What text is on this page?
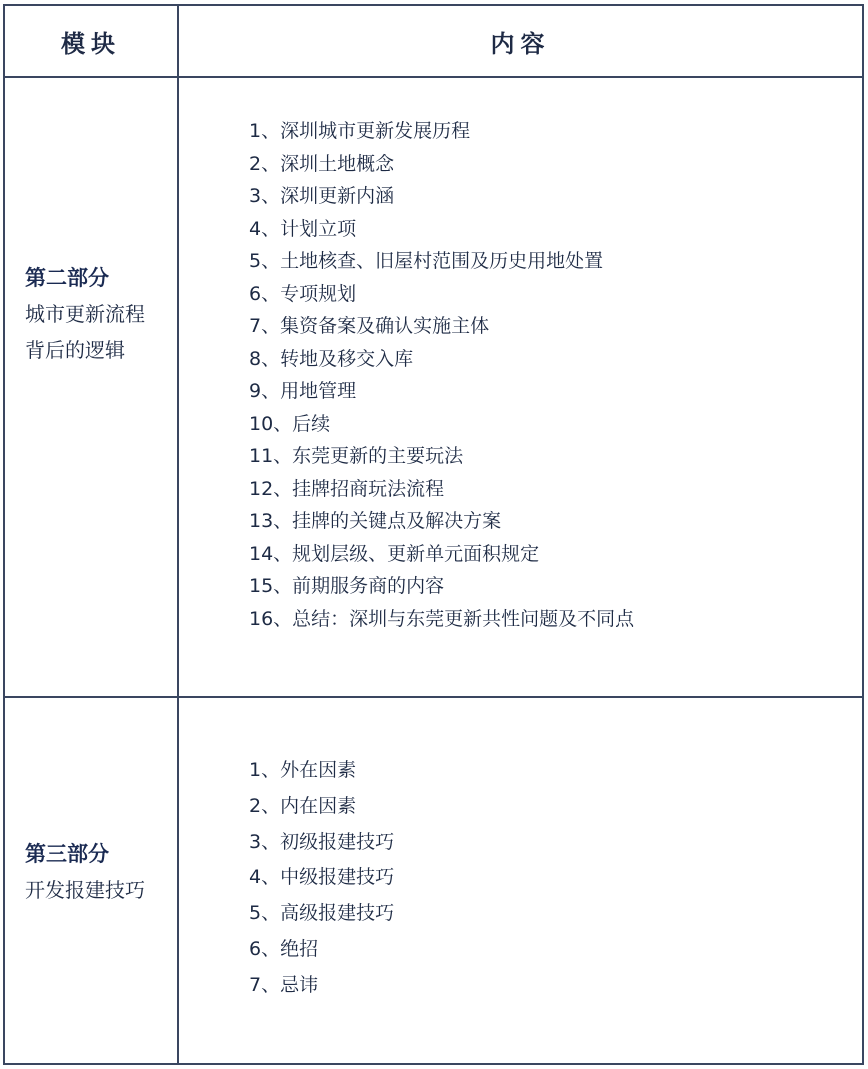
模块	内容
第二部分
城市更新流程
背后的逻辑
1、深圳城市更新发展历程
2、深圳土地概念
3、深圳更新内涵
4、计划立项
5、土地核查、旧屋村范围及历史用地处置
6、专项规划
7、集资备案及确认实施主体
8、转地及移交入库
9、用地管理
10、后续
11、东莞更新的主要玩法
12、挂牌招商玩法流程
13、挂牌的关键点及解决方案
14、规划层级、更新单元面积规定
15、前期服务商的内容
16、总结：深圳与东莞更新共性问题及不同点
第三部分
开发报建技巧
1、外在因素
2、内在因素
3、初级报建技巧
4、中级报建技巧
5、高级报建技巧
6、绝招
7、忌讳
